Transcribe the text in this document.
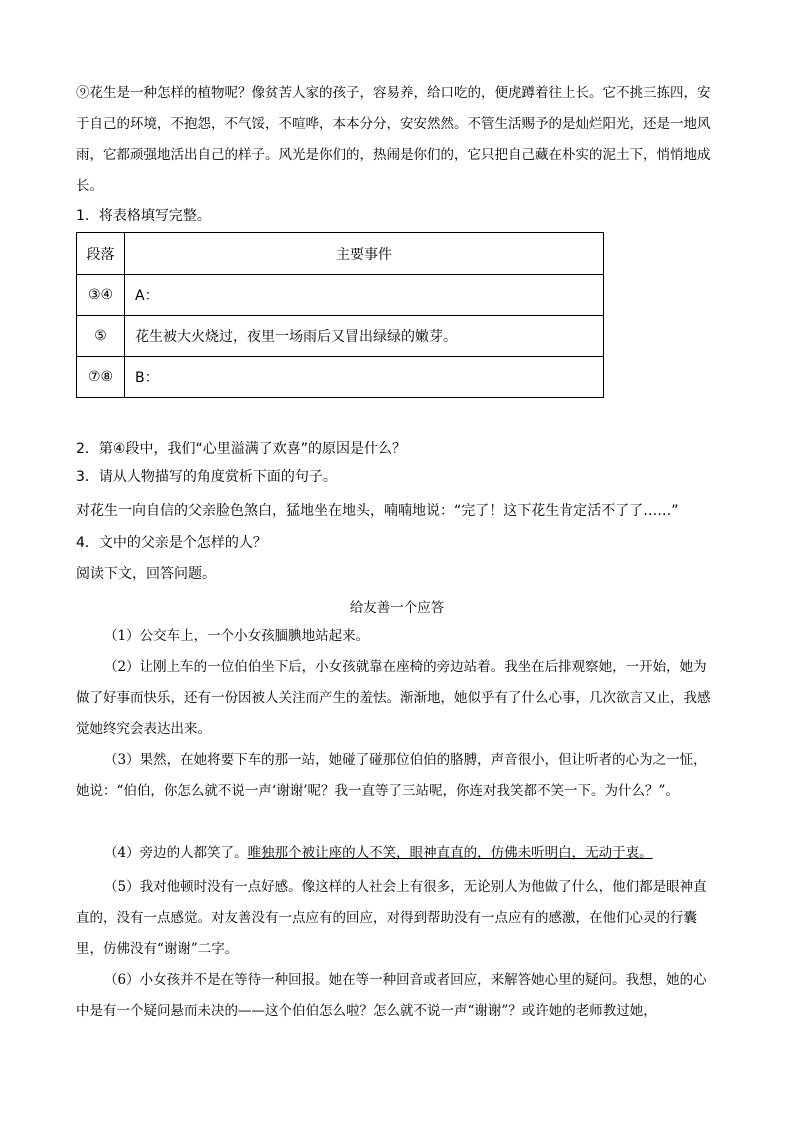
⑨花生是一种怎样的植物呢？像贫苦人家的孩子，容易养，给口吃的，便虎蹲着往上长。它不挑三拣四，安于自己的环境，不抱怨，不气馁，不喧哗，本本分分，安安然然。不管生活赐予的是灿烂阳光，还是一地风雨，它都顽强地活出自己的样子。风光是你们的，热闹是你们的，它只把自己藏在朴实的泥土下，悄悄地成长。
1．将表格填写完整。
段落	主要事件
③④	A：
⑤	花生被大火烧过，夜里一场雨后又冒出绿绿的嫩芽。
⑦⑧	B：
2．第④段中，我们“心里溢满了欢喜”的原因是什么？
3．请从人物描写的角度赏析下面的句子。
对花生一向自信的父亲脸色煞白，猛地坐在地头，喃喃地说：“完了！这下花生肯定活不了了……”
4．文中的父亲是个怎样的人？
阅读下文，回答问题。
给友善一个应答
（1）公交车上，一个小女孩腼腆地站起来。
（2）让刚上车的一位伯伯坐下后，小女孩就靠在座椅的旁边站着。我坐在后排观察她，一开始，她为做了好事而快乐，还有一份因被人关注而产生的羞怯。渐渐地，她似乎有了什么心事，几次欲言又止，我感觉她终究会表达出来。
（3）果然，在她将要下车的那一站，她碰了碰那位伯伯的胳膊，声音很小，但让听者的心为之一怔，她说：“伯伯，你怎么就不说一声‘谢谢’呢？我一直等了三站呢，你连对我笑都不笑一下。为什么？”。
（4）旁边的人都笑了。唯独那个被让座的人不笑，眼神直直的，仿佛未听明白，无动于衷。
（5）我对他顿时没有一点好感。像这样的人社会上有很多，无论别人为他做了什么，他们都是眼神直直的，没有一点感觉。对友善没有一点应有的回应，对得到帮助没有一点应有的感激，在他们心灵的行囊里，仿佛没有“谢谢”二字。
（6）小女孩并不是在等待一种回报。她在等一种回音或者回应，来解答她心里的疑问。我想，她的心中是有一个疑问悬而未决的——这个伯伯怎么啦？怎么就不说一声“谢谢”？或许她的老师教过她，
